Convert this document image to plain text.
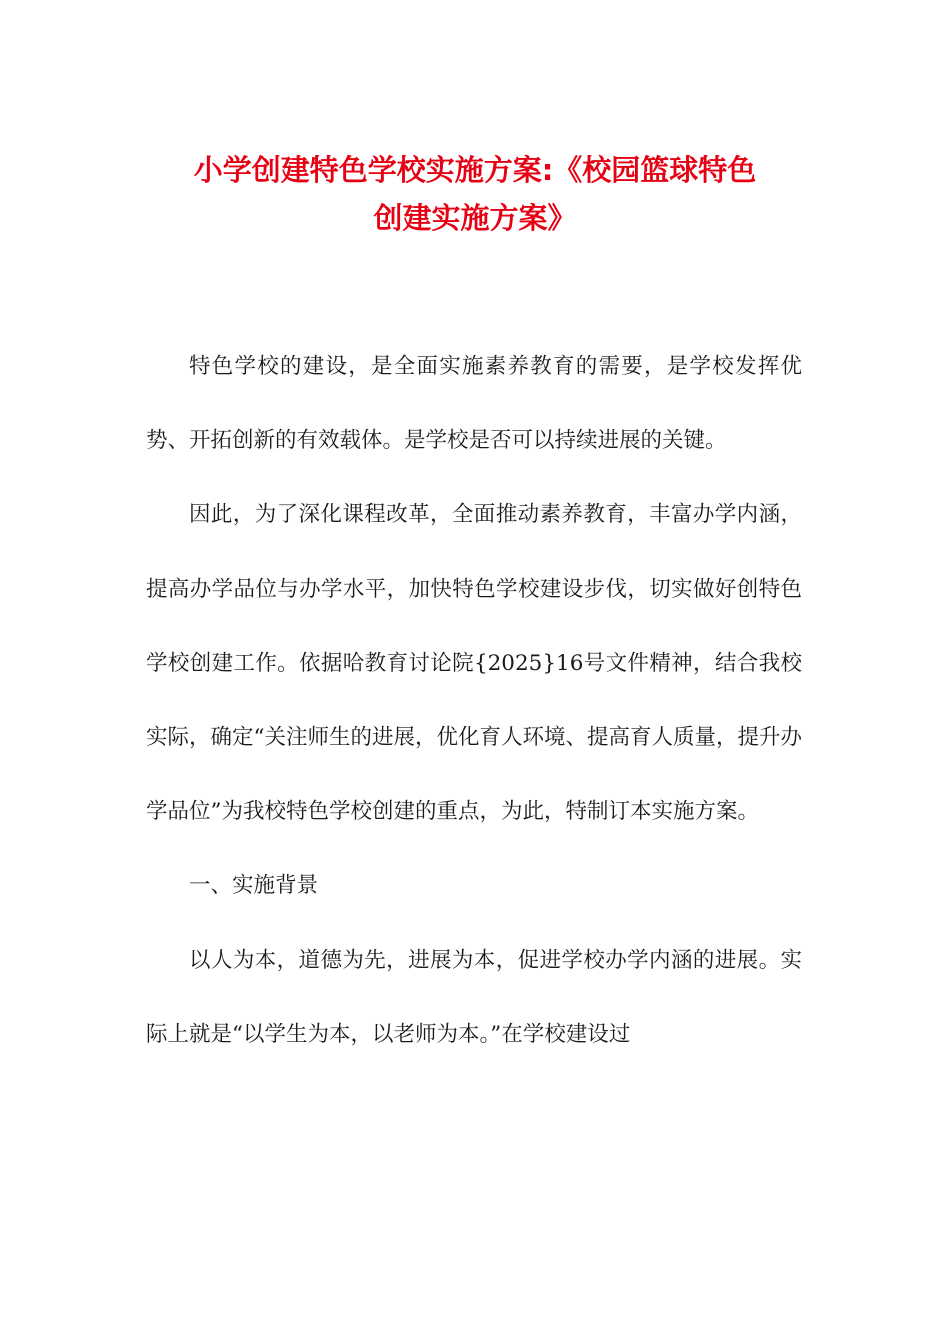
小学创建特色学校实施方案:《校园篮球特色
创建实施方案》

特色学校的建设，是全面实施素养教育的需要，是学校发挥优势、开拓创新的有效载体。是学校是否可以持续进展的关键。

因此，为了深化课程改革，全面推动素养教育，丰富办学内涵，提高办学品位与办学水平，加快特色学校建设步伐，切实做好创特色学校创建工作。依据哈教育讨论院{2025}16号文件精神，结合我校实际，确定“关注师生的进展，优化育人环境、提高育人质量，提升办学品位”为我校特色学校创建的重点，为此，特制订本实施方案。

一、实施背景

以人为本，道德为先，进展为本，促进学校办学内涵的进展。实际上就是“以学生为本，以老师为本。”在学校建设过
